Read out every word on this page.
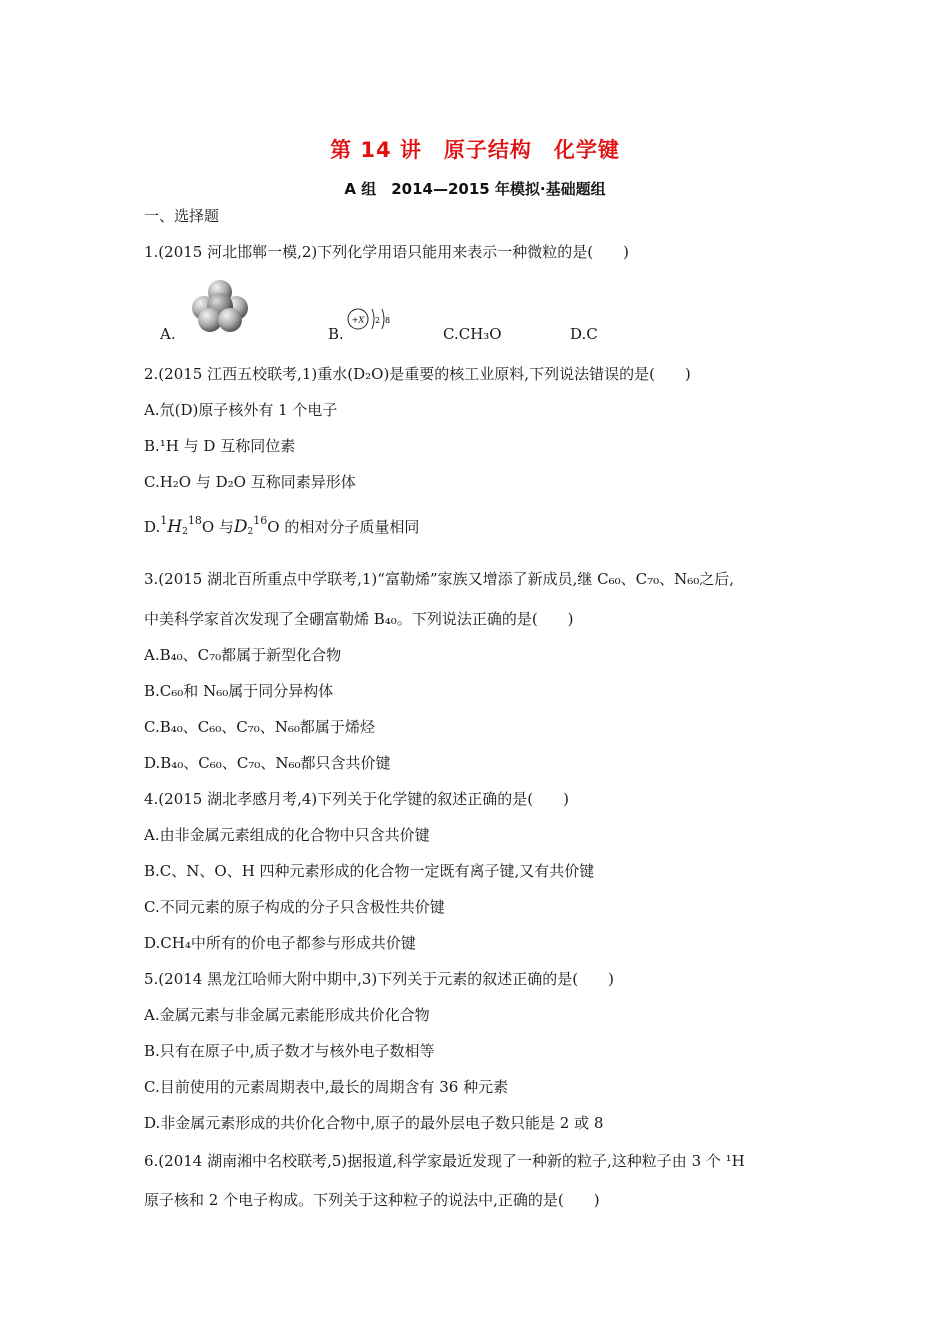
第 14 讲　原子结构　化学键
A 组　2014—2015 年模拟·基础题组
一、选择题
1.(2015 河北邯郸一模,2)下列化学用语只能用来表示一种微粒的是(　　)
+X 2 8
A.	B.	C.CH₃O	D.C
2.(2015 江西五校联考,1)重水(D₂O)是重要的核工业原料,下列说法错误的是(　　)
A.氘(D)原子核外有 1 个电子
B.¹H 与 D 互称同位素
C.H₂O 与 D₂O 互称同素异形体
$D.^1H_2^{18}O$ 与$D_2^{16}O$ 的相对分子质量相同
3.(2015 湖北百所重点中学联考,1)“富勒烯”家族又增添了新成员,继 C₆₀、C₇₀、N₆₀之后,
中美科学家首次发现了全硼富勒烯 B₄₀。下列说法正确的是(　　)
A.B₄₀、C₇₀都属于新型化合物
B.C₆₀和 N₆₀属于同分异构体
C.B₄₀、C₆₀、C₇₀、N₆₀都属于烯烃
D.B₄₀、C₆₀、C₇₀、N₆₀都只含共价键
4.(2015 湖北孝感月考,4)下列关于化学键的叙述正确的是(　　)
A.由非金属元素组成的化合物中只含共价键
B.C、N、O、H 四种元素形成的化合物一定既有离子键,又有共价键
C.不同元素的原子构成的分子只含极性共价键
D.CH₄中所有的价电子都参与形成共价键
5.(2014 黑龙江哈师大附中期中,3)下列关于元素的叙述正确的是(　　)
A.金属元素与非金属元素能形成共价化合物
B.只有在原子中,质子数才与核外电子数相等
C.目前使用的元素周期表中,最长的周期含有 36 种元素
D.非金属元素形成的共价化合物中,原子的最外层电子数只能是 2 或 8
6.(2014 湖南湘中名校联考,5)据报道,科学家最近发现了一种新的粒子,这种粒子由 3 个 ¹H
原子核和 2 个电子构成。下列关于这种粒子的说法中,正确的是(　　)
